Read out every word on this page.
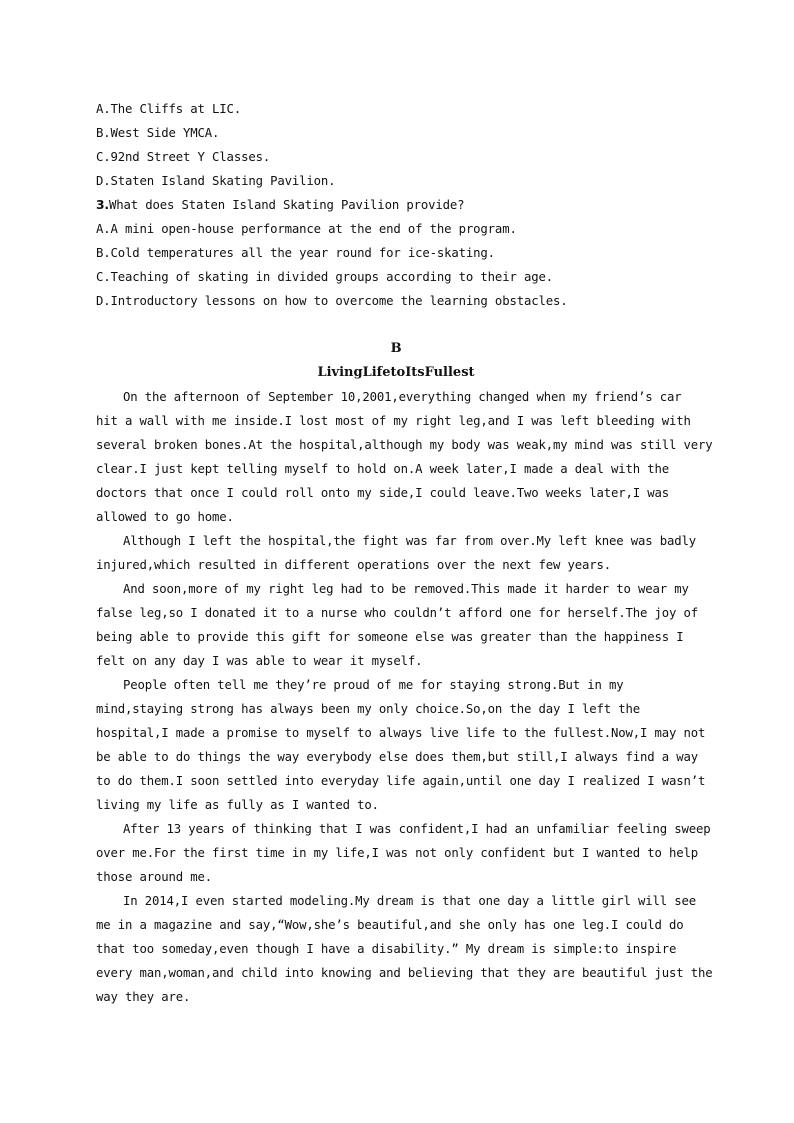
A.The Cliffs at LIC.
B.West Side YMCA.
C.92nd Street Y Classes.
D.Staten Island Skating Pavilion.
3.What does Staten Island Skating Pavilion provide?
A.A mini open-house performance at the end of the program.
B.Cold temperatures all the year round for ice-skating.
C.Teaching of skating in divided groups according to their age.
D.Introductory lessons on how to overcome the learning obstacles.
B
LivingLifetoItsFullest
On the afternoon of September 10,2001,everything changed when my friend’s car
hit a wall with me inside.I lost most of my right leg,and I was left bleeding with
several broken bones.At the hospital,although my body was weak,my mind was still very
clear.I just kept telling myself to hold on.A week later,I made a deal with the
doctors that once I could roll onto my side,I could leave.Two weeks later,I was
allowed to go home.
Although I left the hospital,the fight was far from over.My left knee was badly
injured,which resulted in different operations over the next few years.
And soon,more of my right leg had to be removed.This made it harder to wear my
false leg,so I donated it to a nurse who couldn’t afford one for herself.The joy of
being able to provide this gift for someone else was greater than the happiness I
felt on any day I was able to wear it myself.
People often tell me they’re proud of me for staying strong.But in my
mind,staying strong has always been my only choice.So,on the day I left the
hospital,I made a promise to myself to always live life to the fullest.Now,I may not
be able to do things the way everybody else does them,but still,I always find a way
to do them.I soon settled into everyday life again,until one day I realized I wasn’t
living my life as fully as I wanted to.
After 13 years of thinking that I was confident,I had an unfamiliar feeling sweep
over me.For the first time in my life,I was not only confident but I wanted to help
those around me.
In 2014,I even started modeling.My dream is that one day a little girl will see
me in a magazine and say,“Wow,she’s beautiful,and she only has one leg.I could do
that too someday,even though I have a disability.” My dream is simple:to inspire
every man,woman,and child into knowing and believing that they are beautiful just the
way they are.
